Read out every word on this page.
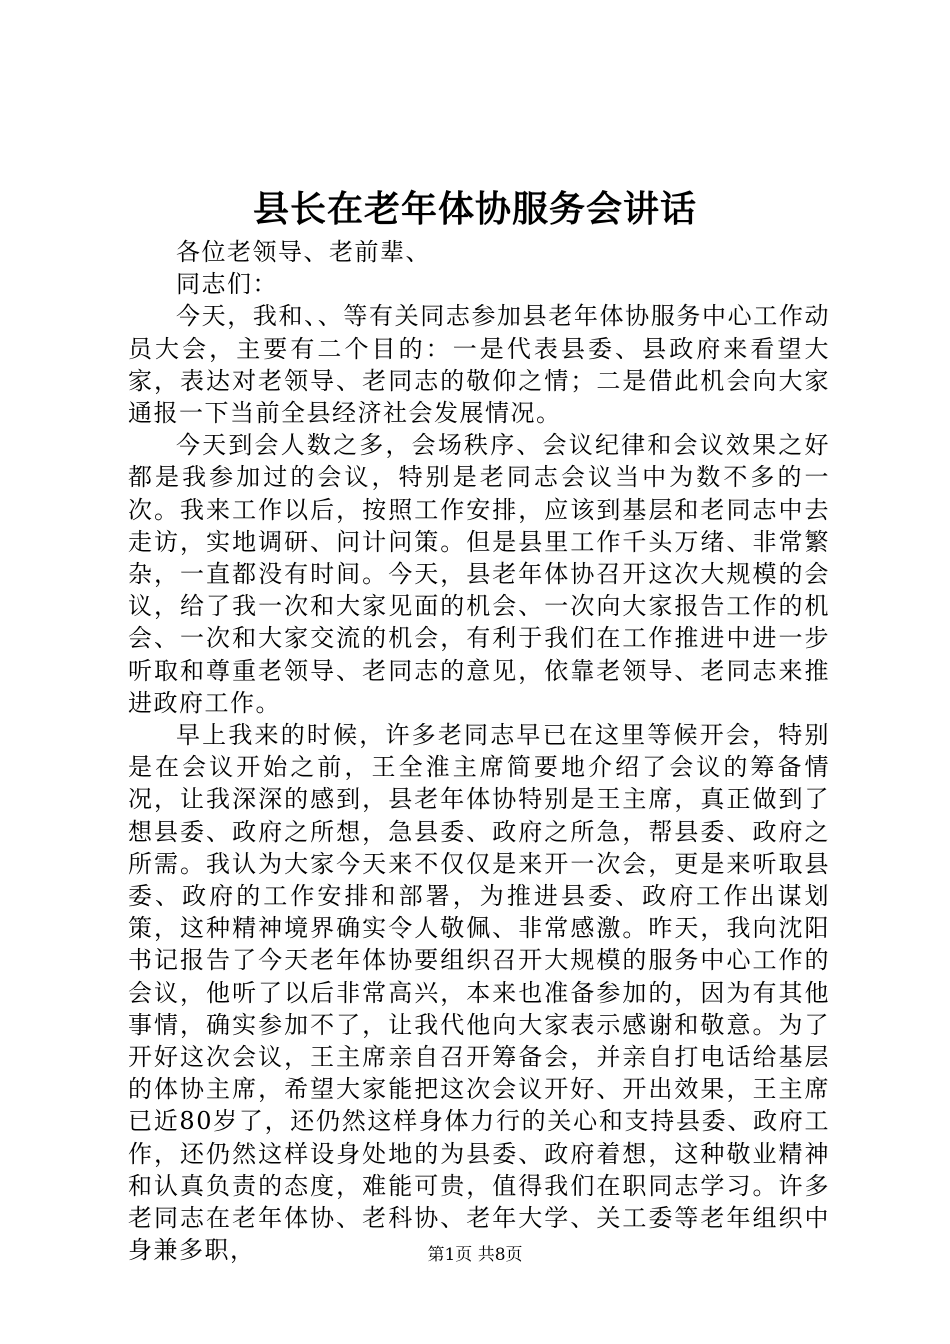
县长在老年体协服务会讲话

各位老领导、老前辈、

同志们：

今天，我和、、等有关同志参加县老年体协服务中心工作动员大会，主要有二个目的：一是代表县委、县政府来看望大家，表达对老领导、老同志的敬仰之情；二是借此机会向大家通报一下当前全县经济社会发展情况。

今天到会人数之多，会场秩序、会议纪律和会议效果之好都是我参加过的会议，特别是老同志会议当中为数不多的一次。我来工作以后，按照工作安排，应该到基层和老同志中去走访，实地调研、问计问策。但是县里工作千头万绪、非常繁杂，一直都没有时间。今天，县老年体协召开这次大规模的会议，给了我一次和大家见面的机会、一次向大家报告工作的机会、一次和大家交流的机会，有利于我们在工作推进中进一步听取和尊重老领导、老同志的意见，依靠老领导、老同志来推进政府工作。

早上我来的时候，许多老同志早已在这里等候开会，特别是在会议开始之前，王全淮主席简要地介绍了会议的筹备情况，让我深深的感到，县老年体协特别是王主席，真正做到了想县委、政府之所想，急县委、政府之所急，帮县委、政府之所需。我认为大家今天来不仅仅是来开一次会，更是来听取县委、政府的工作安排和部署，为推进县委、政府工作出谋划策，这种精神境界确实令人敬佩、非常感激。昨天，我向沈阳书记报告了今天老年体协要组织召开大规模的服务中心工作的会议，他听了以后非常高兴，本来也准备参加的，因为有其他事情，确实参加不了，让我代他向大家表示感谢和敬意。为了开好这次会议，王主席亲自召开筹备会，并亲自打电话给基层的体协主席，希望大家能把这次会议开好、开出效果，王主席已近80岁了，还仍然这样身体力行的关心和支持县委、政府工作，还仍然这样设身处地的为县委、政府着想，这种敬业精神和认真负责的态度，难能可贵，值得我们在职同志学习。许多老同志在老年体协、老科协、老年大学、关工委等老年组织中身兼多职，	第1页 共8页
